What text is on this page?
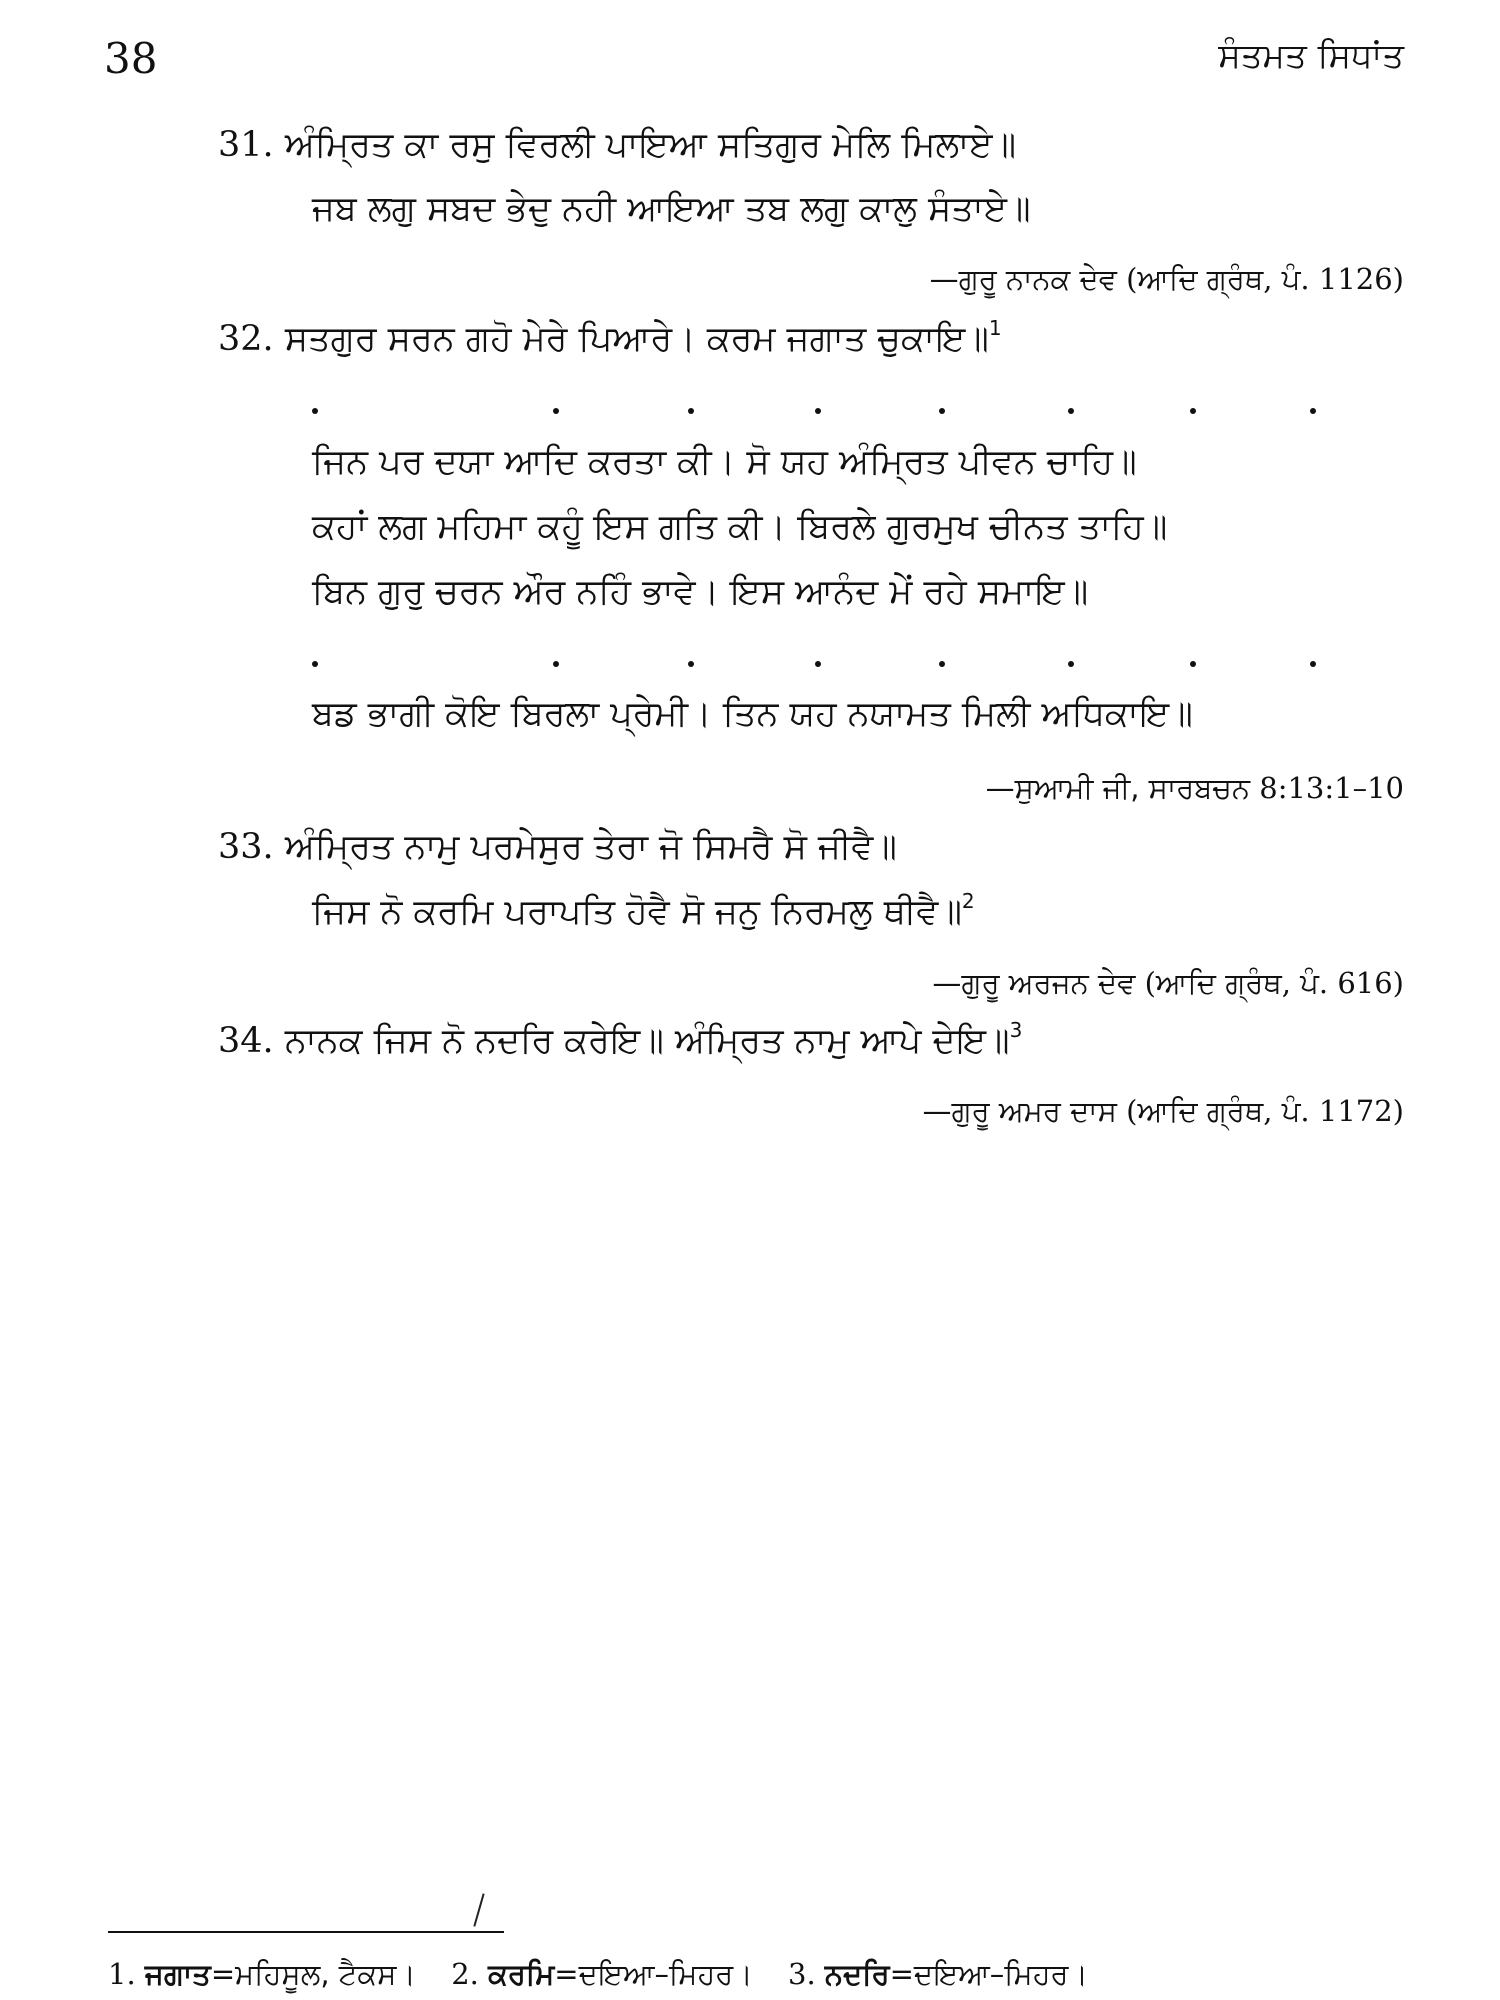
38	ਸੰਤਮਤ ਸਿਧਾਂਤ
31. ਅੰਮ੍ਰਿਤ ਕਾ ਰਸੁ ਵਿਰਲੀ ਪਾਇਆ ਸਤਿਗੁਰ ਮੇਲਿ ਮਿਲਾਏ॥
ਜਬ ਲਗੁ ਸਬਦ ਭੇਦੁ ਨਹੀ ਆਇਆ ਤਬ ਲਗੁ ਕਾਲੁ ਸੰਤਾਏ॥
—ਗੁਰੂ ਨਾਨਕ ਦੇਵ (ਆਦਿ ਗ੍ਰੰਥ, ਪੰ. 1126)
32. ਸਤਗੁਰ ਸਰਨ ਗਹੋ ਮੇਰੇ ਪਿਆਰੇ। ਕਰਮ ਜਗਾਤ ਚੁਕਾਇ॥$^1$
ਜਿਨ ਪਰ ਦਯਾ ਆਦਿ ਕਰਤਾ ਕੀ। ਸੋ ਯਹ ਅੰਮ੍ਰਿਤ ਪੀਵਨ ਚਾਹਿ॥
ਕਹਾਂ ਲਗ ਮਹਿਮਾ ਕਹੂੰ ਇਸ ਗਤਿ ਕੀ। ਬਿਰਲੇ ਗੁਰਮੁਖ ਚੀਨਤ ਤਾਹਿ॥
ਬਿਨ ਗੁਰੁ ਚਰਨ ਔਰ ਨਹਿੰ ਭਾਵੇ। ਇਸ ਆਨੰਦ ਮੇਂ ਰਹੇ ਸਮਾਇ॥
ਬਡ ਭਾਗੀ ਕੋਇ ਬਿਰਲਾ ਪ੍ਰੇਮੀ। ਤਿਨ ਯਹ ਨਯਾਮਤ ਮਿਲੀ ਅਧਿਕਾਇ॥
—ਸੁਆਮੀ ਜੀ, ਸਾਰਬਚਨ 8:13:1–10
33. ਅੰਮ੍ਰਿਤ ਨਾਮੁ ਪਰਮੇਸੁਰ ਤੇਰਾ ਜੋ ਸਿਮਰੈ ਸੋ ਜੀਵੈ॥
ਜਿਸ ਨੋ ਕਰਮਿ ਪਰਾਪਤਿ ਹੋਵੈ ਸੋ ਜਨੁ ਨਿਰਮਲੁ ਥੀਵੈ॥$^2$
—ਗੁਰੂ ਅਰਜਨ ਦੇਵ (ਆਦਿ ਗ੍ਰੰਥ, ਪੰ. 616)
34. ਨਾਨਕ ਜਿਸ ਨੋ ਨਦਰਿ ਕਰੇਇ॥ ਅੰਮ੍ਰਿਤ ਨਾਮੁ ਆਪੇ ਦੇਇ॥$^3$
—ਗੁਰੂ ਅਮਰ ਦਾਸ (ਆਦਿ ਗ੍ਰੰਥ, ਪੰ. 1172)
1. ਜਗਾਤ=ਮਹਿਸੂਲ, ਟੈਕਸ। 2. ਕਰਮਿ=ਦਇਆ–ਮਿਹਰ। 3. ਨਦਰਿ=ਦਇਆ–ਮਿਹਰ।
